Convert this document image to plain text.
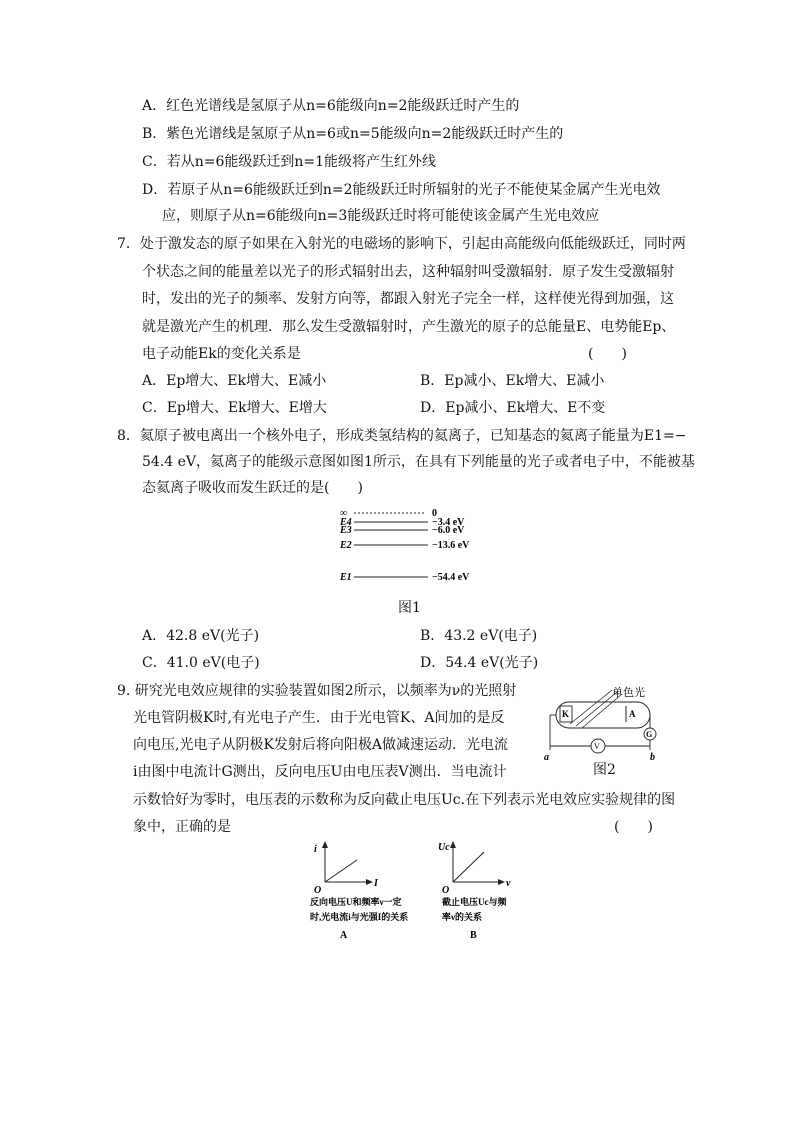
A．红色光谱线是氢原子从n=6能级向n=2能级跃迁时产生的
B．紫色光谱线是氢原子从n=6或n=5能级向n=2能级跃迁时产生的
C．若从n=6能级跃迁到n=1能级将产生红外线
D．若原子从n=6能级跃迁到n=2能级跃迁时所辐射的光子不能使某金属产生光电效
应，则原子从n=6能级向n=3能级跃迁时将可能使该金属产生光电效应
7．处于激发态的原子如果在入射光的电磁场的影响下，引起由高能级向低能级跃迁，同时两
个状态之间的能量差以光子的形式辐射出去，这种辐射叫受激辐射．原子发生受激辐射
时，发出的光子的频率、发射方向等，都跟入射光子完全一样，这样使光得到加强，这
就是激光产生的机理．那么发生受激辐射时，产生激光的原子的总能量E、电势能Ep、
电子动能Ek的变化关系是	(　　)
A．Ep增大、Ek增大、E减小	B．Ep减小、Ek增大、E减小
C．Ep增大、Ek增大、E增大	D．Ep减小、Ek增大、E不变
8．氦原子被电离出一个核外电子，形成类氢结构的氦离子，已知基态的氦离子能量为E1=−
54.4 eV，氦离子的能级示意图如图1所示，在具有下列能量的光子或者电子中，不能被基
态氦离子吸收而发生跃迁的是(　　)
∞
E4
E3
E2
E1
0
−3.4 eV
−6.0 eV
−13.6 eV
−54.4 eV
图1
A．42.8 eV(光子)	B．43.2 eV(电子)
C．41.0 eV(电子)	D．54.4 eV(光子)
9. 研究光电效应规律的实验装置如图2所示，以频率为ν的光照射
光电管阴极K时,有光电子产生．由于光电管K、A间加的是反
向电压,光电子从阴极K发射后将向阳极A做减速运动．光电流
i由图中电流计G测出，反向电压U由电压表V测出．当电流计
示数恰好为零时，电压表的示数称为反向截止电压Uc.在下列表示光电效应实验规律的图
象中，正确的是	(　　)
K	A
单色光
G
V
a	b
图2
i
I
O
反向电压U和频率ν一定
时,光电流i与光强I的关系
A
Uc
ν
O
截止电压Uc与频
率ν的关系
B
